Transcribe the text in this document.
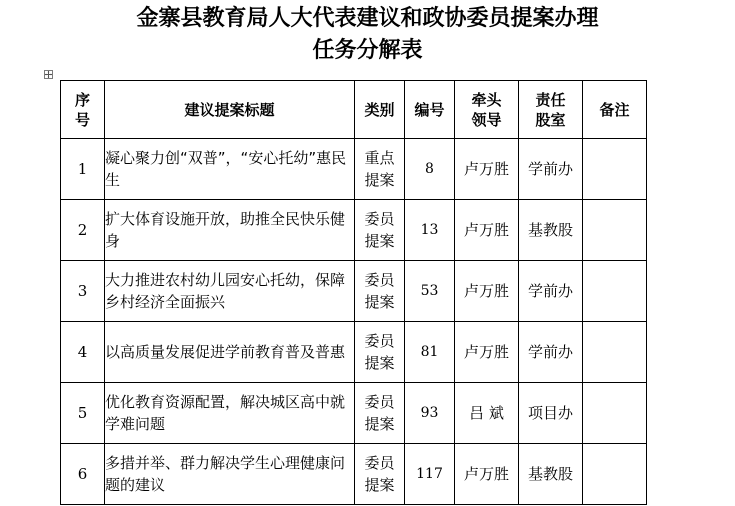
金寨县教育局人大代表建议和政协委员提案办理
任务分解表
序号	建议提案标题	类别	编号	牵头领导	责任股室	备注
1	凝心聚力创“双普”，“安心托幼”惠民生	重点提案	8	卢万胜	学前办	
2	扩大体育设施开放，助推全民快乐健身	委员提案	13	卢万胜	基教股	
3	大力推进农村幼儿园安心托幼，保障乡村经济全面振兴	委员提案	53	卢万胜	学前办	
4	以高质量发展促进学前教育普及普惠	委员提案	81	卢万胜	学前办	
5	优化教育资源配置，解决城区高中就学难问题	委员提案	93	吕 斌	项目办	
6	多措并举、群力解决学生心理健康问题的建议	委员提案	117	卢万胜	基教股	
